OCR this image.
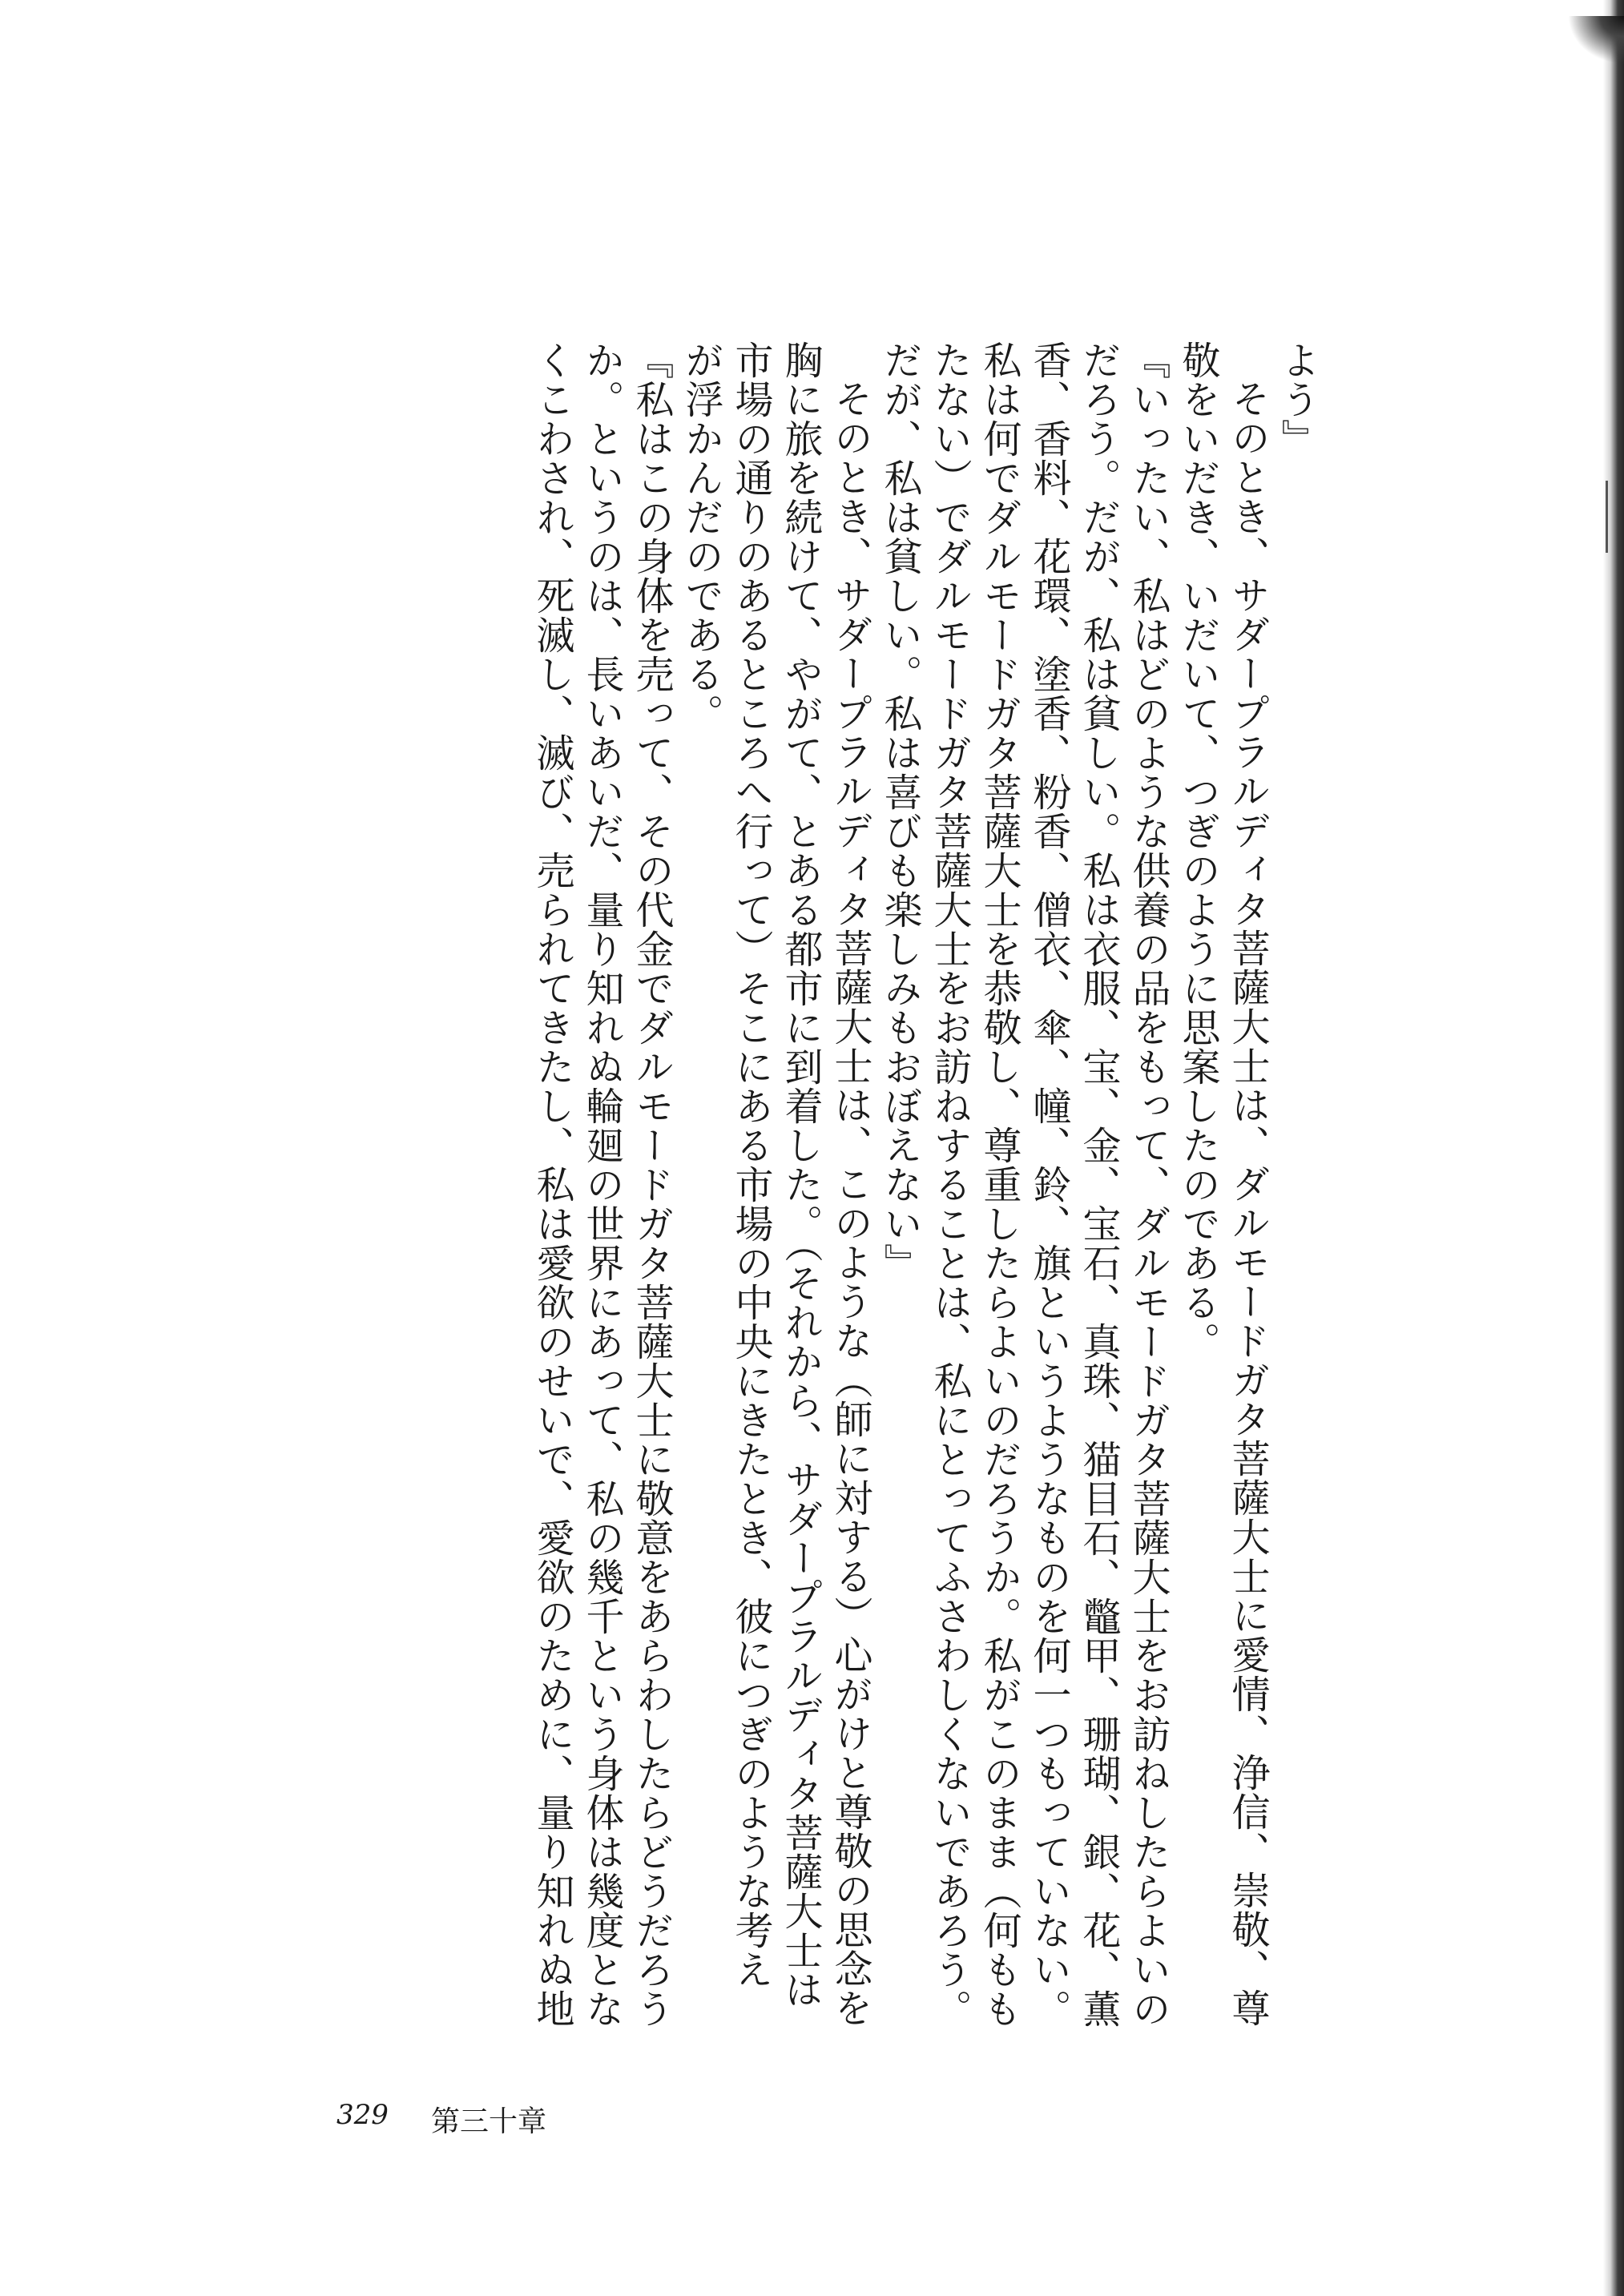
よう』

そのとき、サダープラルディタ菩薩大士は、ダルモードガタ菩薩大士に愛情、浄信、崇敬、尊

敬をいだき、いだいて、つぎのように思案したのである。

『いったい、私はどのような供養の品をもって、ダルモードガタ菩薩大士をお訪ねしたらよいの

だろう。だが、私は貧しい。私は衣服、宝、金、宝石、真珠、猫目石、鼈甲、珊瑚、銀、花、薫

香、香料、花環、塗香、粉香、僧衣、傘、幢、鈴、旗というようなものを何一つもっていない。

私は何でダルモードガタ菩薩大士を恭敬し、尊重したらよいのだろうか。私がこのまま（何もも

たない）でダルモードガタ菩薩大士をお訪ねすることは、私にとってふさわしくないであろう。

だが、私は貧しい。私は喜びも楽しみもおぼえない』

そのとき、サダープラルディタ菩薩大士は、このような（師に対する）心がけと尊敬の思念を

胸に旅を続けて、やがて、とある都市に到着した。（それから、サダープラルディタ菩薩大士は

市場の通りのあるところへ行って）そこにある市場の中央にきたとき、彼につぎのような考え

が浮かんだのである。

『私はこの身体を売って、その代金でダルモードガタ菩薩大士に敬意をあらわしたらどうだろう

か。というのは、長いあいだ、量り知れぬ輪廻の世界にあって、私の幾千という身体は幾度とな

くこわされ、死滅し、滅び、売られてきたし、私は愛欲のせいで、愛欲のために、量り知れぬ地

329 第三十章
